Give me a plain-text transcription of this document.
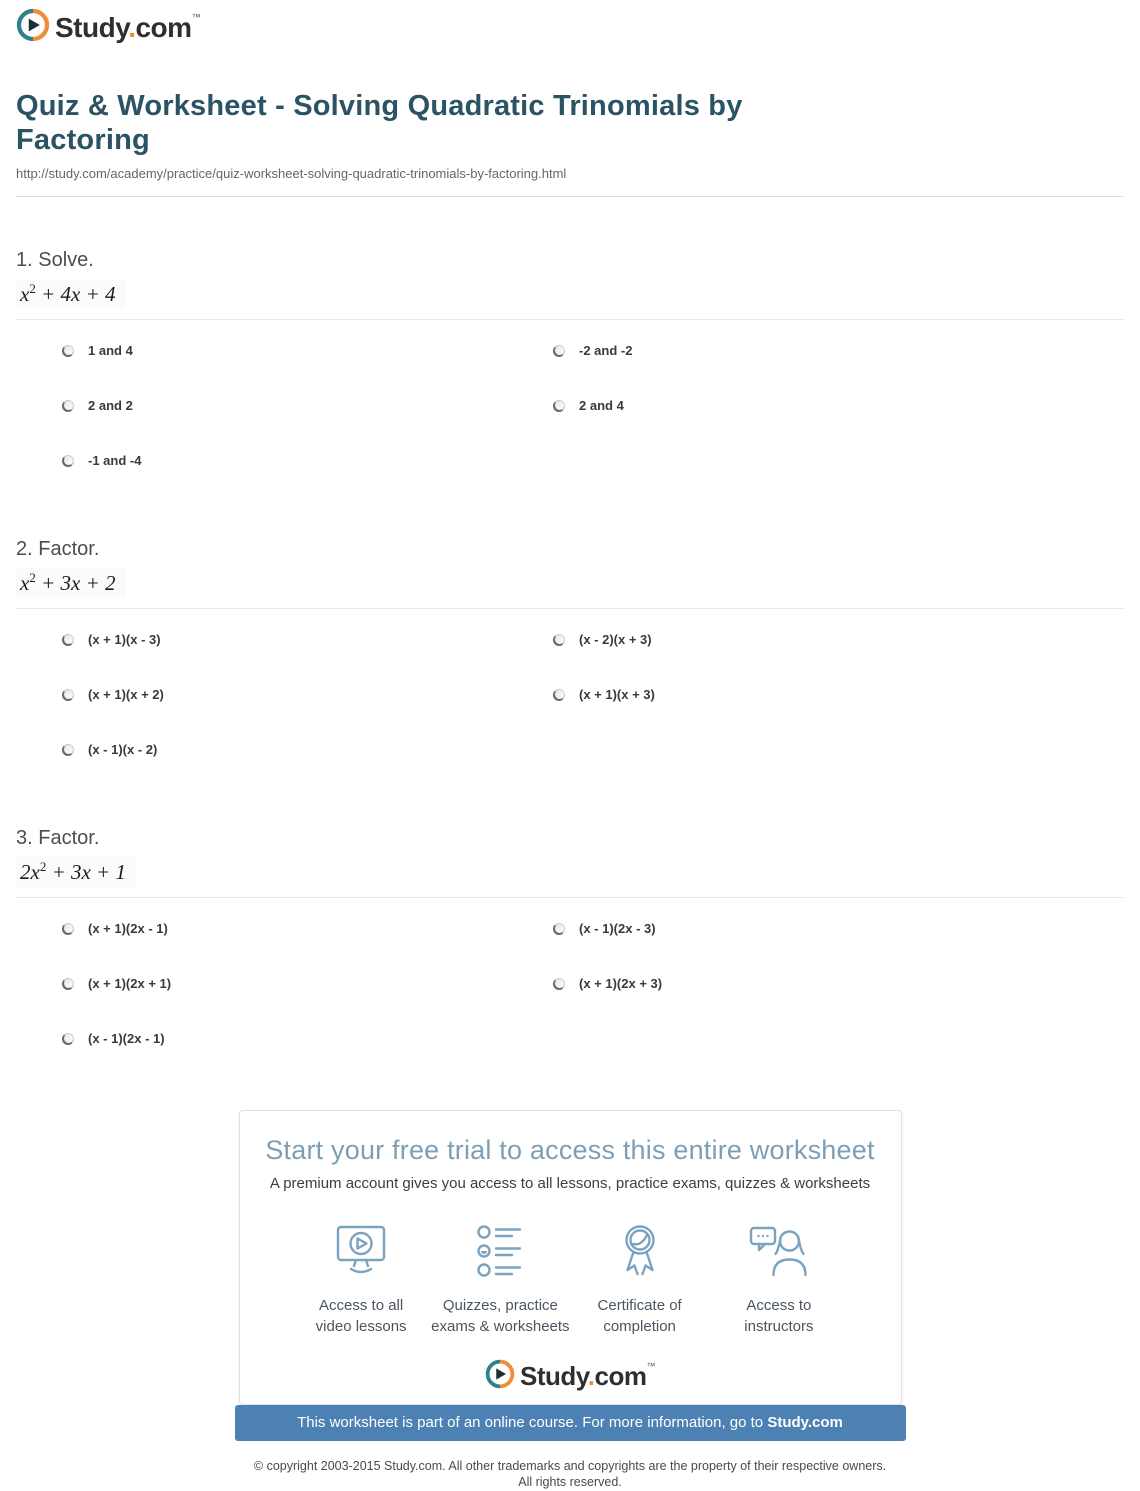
Study.com™
Quiz & Worksheet - Solving Quadratic Trinomials by
Factoring
http://study.com/academy/practice/quiz-worksheet-solving-quadratic-trinomials-by-factoring.html
1. Solve.
$x^2 + 4x + 4$
1 and 4	-2 and -2
2 and 2	2 and 4
-1 and -4
2. Factor.
$x^2 + 3x + 2$
(x + 1)(x - 3)	(x - 2)(x + 3)
(x + 1)(x + 2)	(x + 1)(x + 3)
(x - 1)(x - 2)
3. Factor.
$2x^2 + 3x + 1$
(x + 1)(2x - 1)	(x - 1)(2x - 3)
(x + 1)(2x + 1)	(x + 1)(2x + 3)
(x - 1)(2x - 1)
Start your free trial to access this entire worksheet
A premium account gives you access to all lessons, practice exams, quizzes & worksheets
Access to all
video lessons
Quizzes, practice
exams & worksheets
Certificate of
completion
Access to
instructors
Study.com™
This worksheet is part of an online course. For more information, go to Study.com
© copyright 2003-2015 Study.com. All other trademarks and copyrights are the property of their respective owners.
All rights reserved.
